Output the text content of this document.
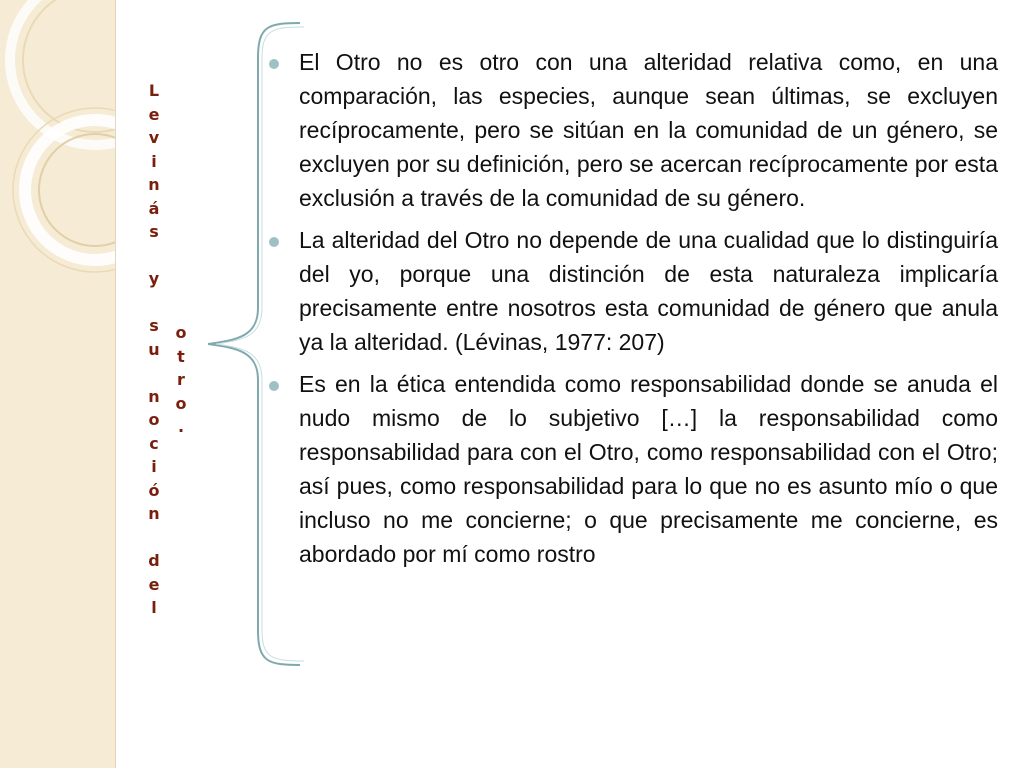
L
e
v
i
n
á
s
y
s
u
n
o
c
i
ó
n
d
e
l
o
t
r
o
.
El Otro no es otro con una alteridad relativa como, en una comparación, las especies, aunque sean últimas, se excluyen recíprocamente, pero se sitúan en la comunidad de un género, se excluyen por su definición, pero se acercan recíprocamente por esta exclusión a través de la comunidad de su género.
La alteridad del Otro no depende de una cualidad que lo distinguiría del yo, porque una distinción de esta naturaleza implicaría precisamente entre nosotros esta comunidad de género que anula ya la alteridad. (Lévinas, 1977: 207)
Es en la ética entendida como responsabilidad donde se anuda el nudo mismo de lo subjetivo […] la responsabilidad como responsabilidad para con el Otro, como responsabilidad con el Otro; así pues, como responsabilidad para lo que no es asunto mío o que incluso no me concierne; o que precisamente me concierne, es abordado por mí como rostro
